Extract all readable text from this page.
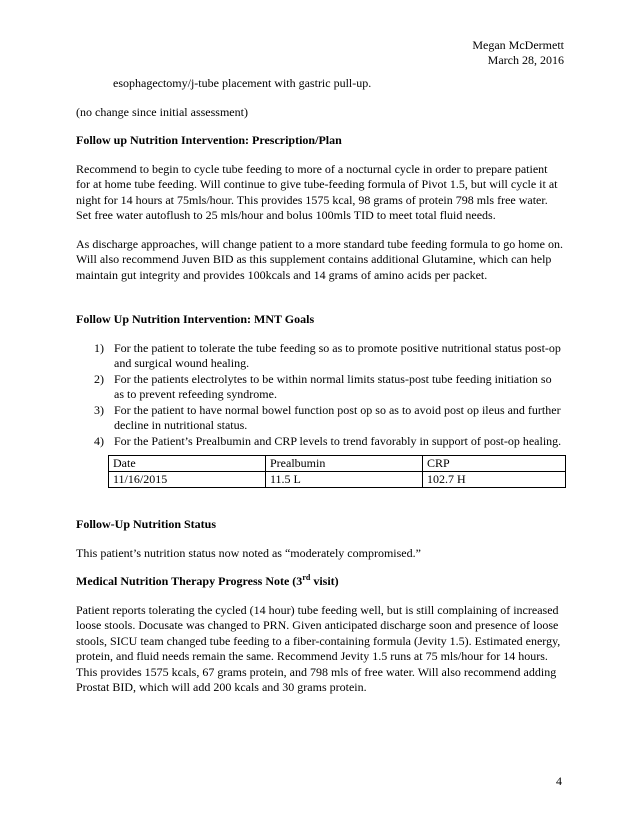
Megan McDermett
March 28, 2016

esophagectomy/j-tube placement with gastric pull-up.

(no change since initial assessment)

Follow up Nutrition Intervention: Prescription/Plan

Recommend to begin to cycle tube feeding to more of a nocturnal cycle in order to prepare patient for at home tube feeding. Will continue to give tube-feeding formula of Pivot 1.5, but will cycle it at night for 14 hours at 75mls/hour. This provides 1575 kcal, 98 grams of protein 798 mls free water. Set free water autoflush to 25 mls/hour and bolus 100mls TID to meet total fluid needs.

As discharge approaches, will change patient to a more standard tube feeding formula to go home on. Will also recommend Juven BID as this supplement contains additional Glutamine, which can help maintain gut integrity and provides 100kcals and 14 grams of amino acids per packet.

Follow Up Nutrition Intervention: MNT Goals

1) For the patient to tolerate the tube feeding so as to promote positive nutritional status post-op and surgical wound healing.
2) For the patients electrolytes to be within normal limits status-post tube feeding initiation so as to prevent refeeding syndrome.
3) For the patient to have normal bowel function post op so as to avoid post op ileus and further decline in nutritional status.
4) For the Patient’s Prealbumin and CRP levels to trend favorably in support of post-op healing.
Date	Prealbumin	CRP
11/16/2015	11.5 L	102.7 H

Follow-Up Nutrition Status

This patient’s nutrition status now noted as “moderately compromised.”

Medical Nutrition Therapy Progress Note (3rd visit)

Patient reports tolerating the cycled (14 hour) tube feeding well, but is still complaining of increased loose stools. Docusate was changed to PRN. Given anticipated discharge soon and presence of loose stools, SICU team changed tube feeding to a fiber-containing formula (Jevity 1.5). Estimated energy, protein, and fluid needs remain the same. Recommend Jevity 1.5 runs at 75 mls/hour for 14 hours. This provides 1575 kcals, 67 grams protein, and 798 mls of free water. Will also recommend adding Prostat BID, which will add 200 kcals and 30 grams protein.

4
